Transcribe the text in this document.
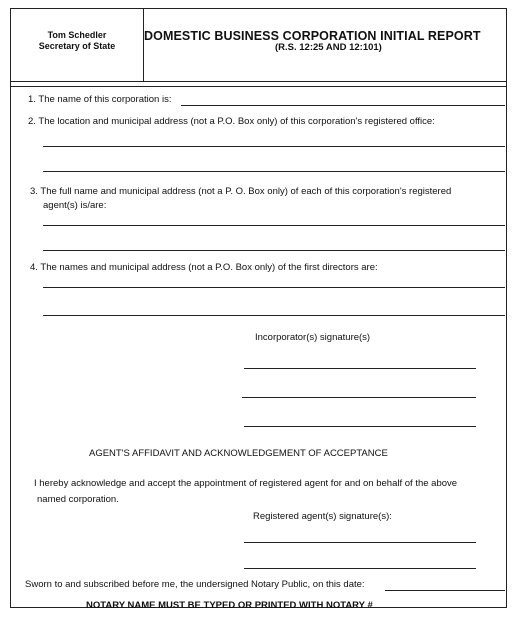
Tom Schedler
Secretary of State
DOMESTIC BUSINESS CORPORATION INITIAL REPORT
(R.S. 12:25 AND 12:101)
1. The name of this corporation is:
2. The location and municipal address (not a P.O. Box only) of this corporation's registered office:
3. The full name and municipal address (not a P. O. Box only) of each of this corporation's registered
agent(s) is/are:
4. The names and municipal address (not a P.O. Box only) of the first directors are:
Incorporator(s) signature(s)
AGENT'S AFFIDAVIT AND ACKNOWLEDGEMENT OF ACCEPTANCE
I hereby acknowledge and accept the appointment of registered agent for and on behalf of the above
named corporation.
Registered agent(s) signature(s):
Sworn to and subscribed before me, the undersigned Notary Public, on this date:
NOTARY NAME MUST BE TYPED OR PRINTED WITH NOTARY #
